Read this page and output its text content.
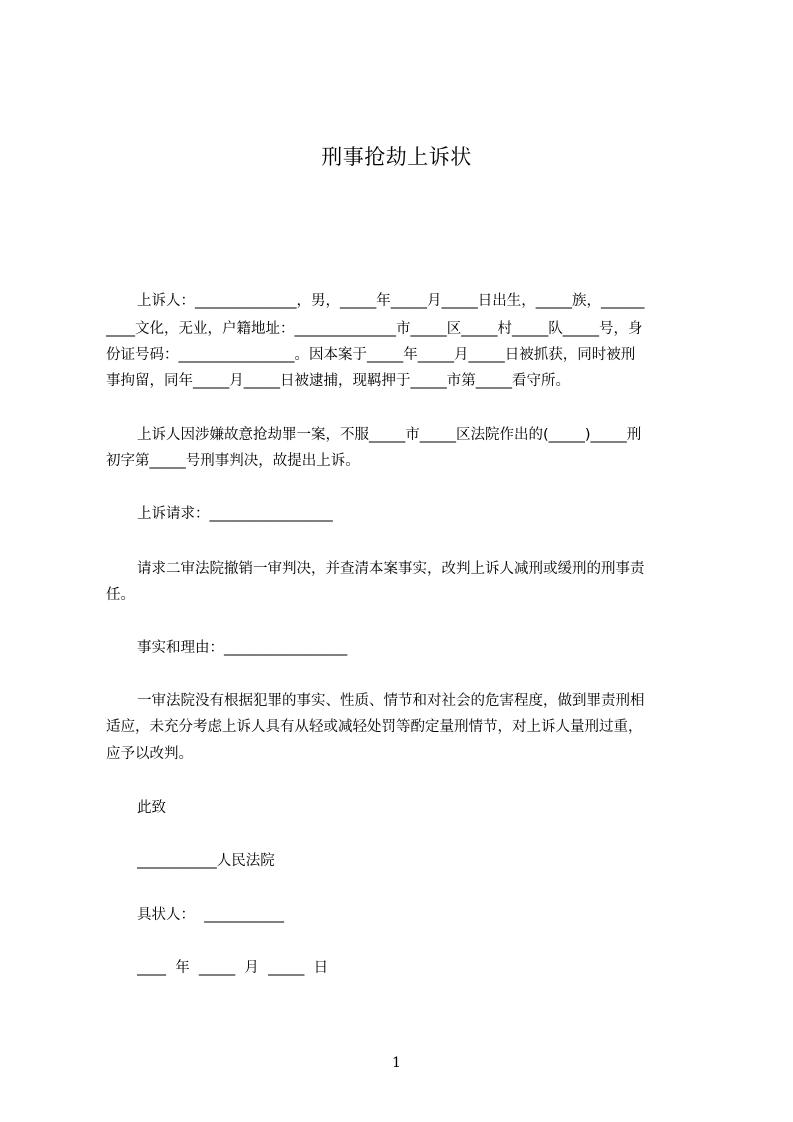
刑事抢劫上诉状
上诉人：______________，男，_____年_____月_____日出生，_____族，______
____文化，无业，户籍地址：______________市_____区_____村_____队_____号，身
份证号码：________________。因本案于_____年_____月_____日被抓获，同时被刑
事拘留，同年_____月_____日被逮捕，现羁押于_____市第_____看守所。
上诉人因涉嫌故意抢劫罪一案，不服_____市_____区法院作出的(_____)_____刑
初字第_____号刑事判决，故提出上诉。
上诉请求：_________________
请求二审法院撤销一审判决，并查清本案事实，改判上诉人减刑或缓刑的刑事责
任。
事实和理由：_________________
一审法院没有根据犯罪的事实、性质、情节和对社会的危害程度，做到罪责刑相
适应，未充分考虑上诉人具有从轻或减轻处罚等酌定量刑情节，对上诉人量刑过重，
应予以改判。
此致
___________人民法院
具状人：  ___________
____  年  _____  月  _____  日
1
